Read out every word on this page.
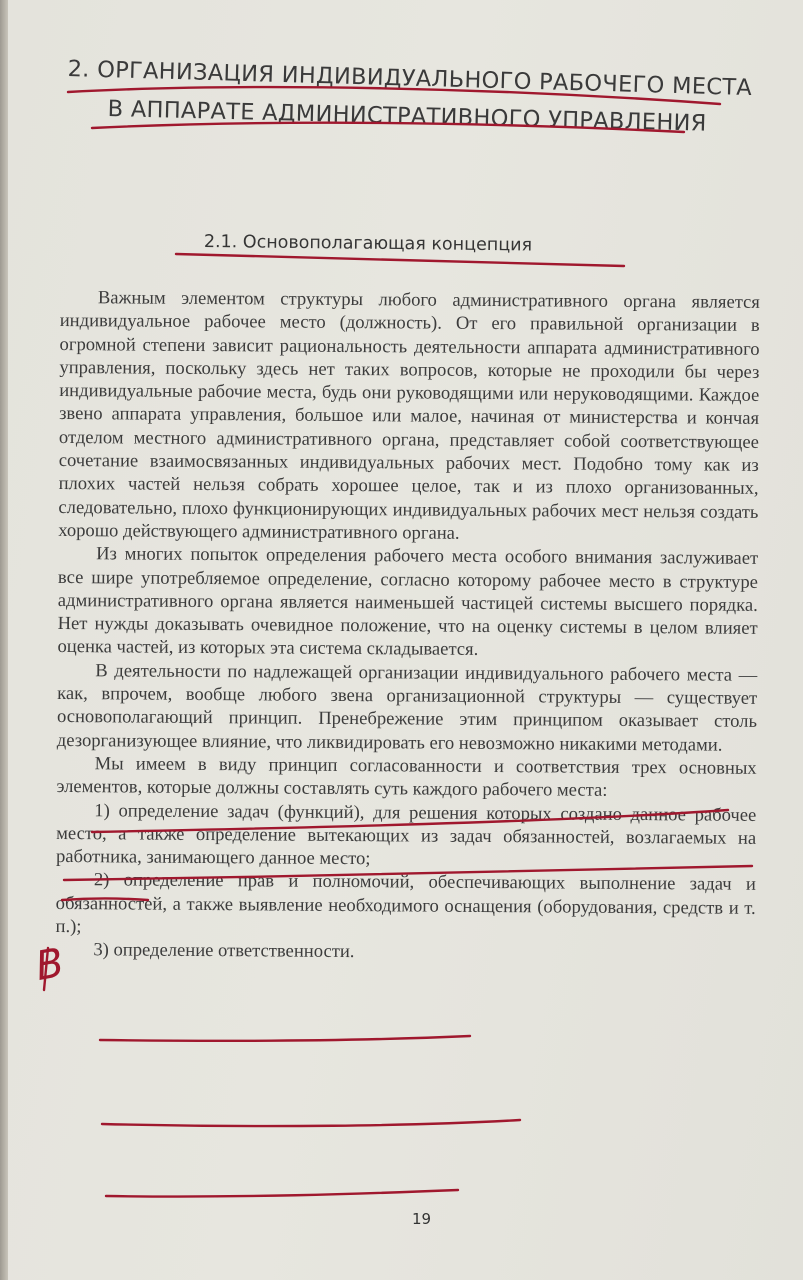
2. ОРГАНИЗАЦИЯ ИНДИВИДУАЛЬНОГО РАБОЧЕГО МЕСТА
В АППАРАТЕ АДМИНИСТРАТИВНОГО УПРАВЛЕНИЯ
2.1. Основополагающая концепция

Важным элементом структуры любого административного органа является индивидуальное рабочее место (должность). От его правильной организации в огромной степени зависит рациональность деятельности аппарата административного управления, поскольку здесь нет таких вопросов, которые не проходили бы через индивидуальные рабочие места, будь они руководящими или неруководящими. Каждое звено аппарата управления, большое или малое, начиная от министерства и кончая отделом местного административного органа, представляет собой соответствующее сочетание взаимосвязанных индивидуальных рабочих мест. Подобно тому как из плохих частей нельзя собрать хорошее целое, так и из плохо организованных, следовательно, плохо функционирующих индивидуальных рабочих мест нельзя создать хорошо действующего административного органа.

Из многих попыток определения рабочего места особого внимания заслуживает все шире употребляемое определение, согласно которому рабочее место в структуре административного органа является наименьшей частицей системы высшего порядка. Нет нужды доказывать очевидное положение, что на оценку системы в целом влияет оценка частей, из которых эта система складывается.

В деятельности по надлежащей организации индивидуального рабочего места — как, впрочем, вообще любого звена организационной структуры — существует основополагающий принцип. Пренебрежение этим принципом оказывает столь дезорганизующее влияние, что ликвидировать его невозможно никакими методами.

Мы имеем в виду принцип согласованности и соответствия трех основных элементов, которые должны составлять суть каждого рабочего места:

1) определение задач (функций), для решения которых создано данное рабочее место, а также определение вытекающих из задач обязанностей, возлагаемых на работника, занимающего данное место;

2) определение прав и полномочий, обеспечивающих выполнение задач и обязанностей, а также выявление необходимого оснащения (оборудования, средств и т. п.);

3) определение ответственности.

19
В
